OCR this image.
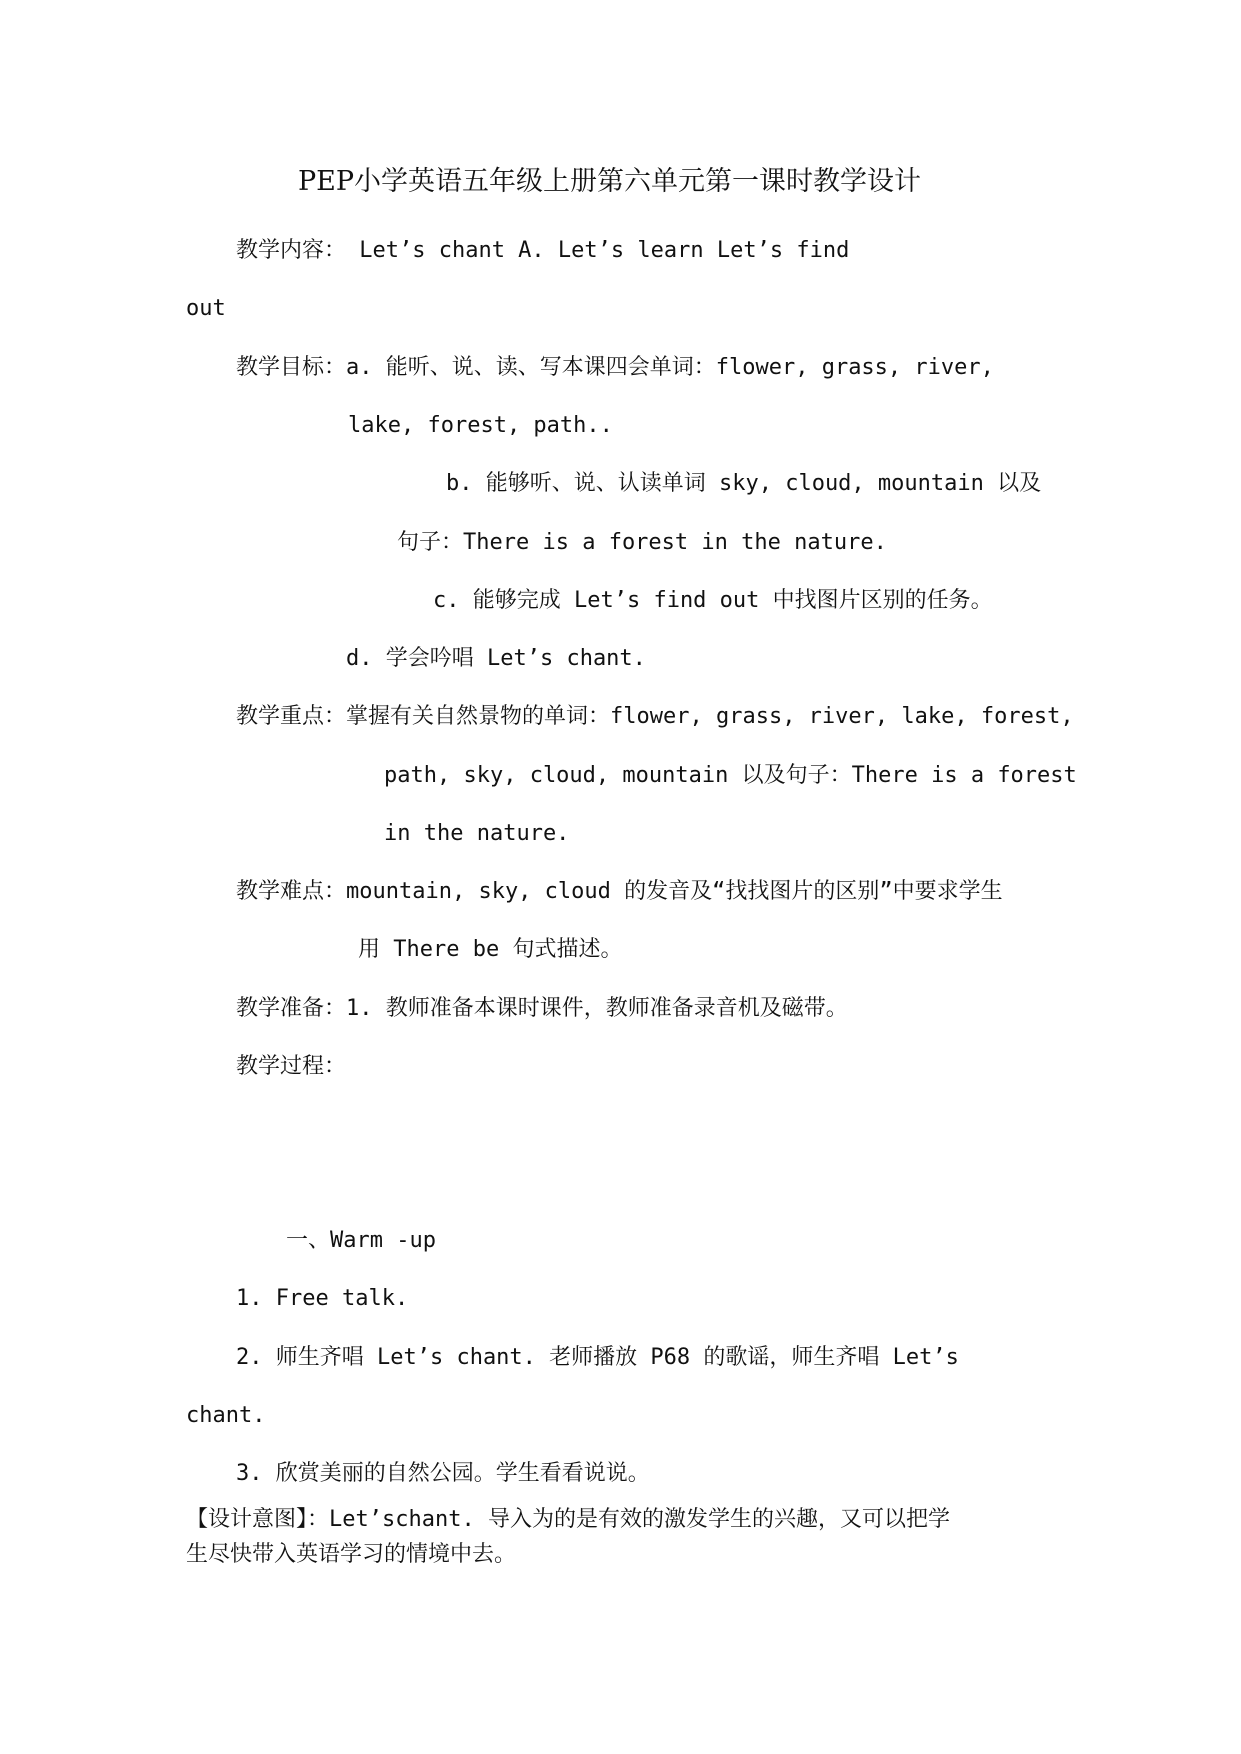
PEP小学英语五年级上册第六单元第一课时教学设计
教学内容： Let’s chant A. Let’s learn Let’s find
out
教学目标：a. 能听、说、读、写本课四会单词：flower, grass, river,
lake, forest, path..
b. 能够听、说、认读单词 sky, cloud, mountain 以及
句子：There is a forest in the nature.
c. 能够完成 Let’s find out 中找图片区别的任务。
d. 学会吟唱 Let’s chant.
教学重点：掌握有关自然景物的单词：flower, grass, river, lake, forest,
path, sky, cloud, mountain 以及句子：There is a forest
in the nature.
教学难点：mountain, sky, cloud 的发音及“找找图片的区别”中要求学生
用 There be 句式描述。
教学准备：1. 教师准备本课时课件，教师准备录音机及磁带。
教学过程：
一、Warm -up
1. Free talk.
2. 师生齐唱 Let’s chant. 老师播放 P68 的歌谣，师生齐唱 Let’s
chant.
3. 欣赏美丽的自然公园。学生看看说说。
【设计意图】：Let’schant. 导入为的是有效的激发学生的兴趣，又可以把学
生尽快带入英语学习的情境中去。
